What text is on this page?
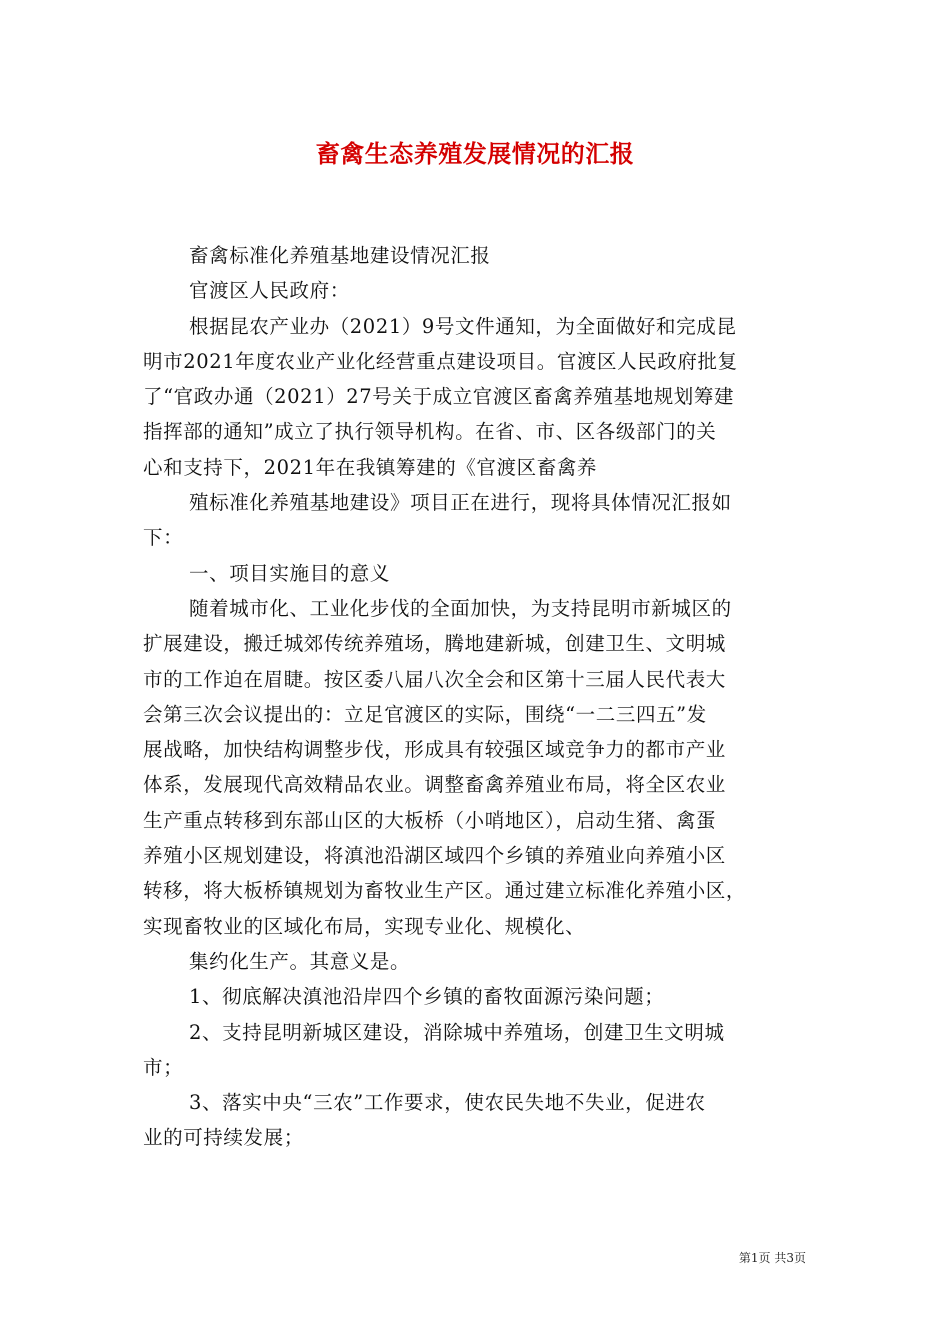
畜禽生态养殖发展情况的汇报
畜禽标准化养殖基地建设情况汇报
官渡区人民政府：
根据昆农产业办（2021）9号文件通知，为全面做好和完成昆
明市2021年度农业产业化经营重点建设项目。官渡区人民政府批复
了“官政办通（2021）27号关于成立官渡区畜禽养殖基地规划筹建
指挥部的通知”成立了执行领导机构。在省、市、区各级部门的关
心和支持下，2021年在我镇筹建的《官渡区畜禽养
殖标准化养殖基地建设》项目正在进行，现将具体情况汇报如
下：
一、项目实施目的意义
随着城市化、工业化步伐的全面加快，为支持昆明市新城区的
扩展建设，搬迁城郊传统养殖场，腾地建新城，创建卫生、文明城
市的工作迫在眉睫。按区委八届八次全会和区第十三届人民代表大
会第三次会议提出的：立足官渡区的实际，围绕“一二三四五”发
展战略，加快结构调整步伐，形成具有较强区域竞争力的都市产业
体系，发展现代高效精品农业。调整畜禽养殖业布局，将全区农业
生产重点转移到东部山区的大板桥（小哨地区），启动生猪、禽蛋
养殖小区规划建设，将滇池沿湖区域四个乡镇的养殖业向养殖小区
转移，将大板桥镇规划为畜牧业生产区。通过建立标准化养殖小区，
实现畜牧业的区域化布局，实现专业化、规模化、
集约化生产。其意义是。
1、彻底解决滇池沿岸四个乡镇的畜牧面源污染问题；
2、支持昆明新城区建设，消除城中养殖场，创建卫生文明城
市；
3、落实中央“三农”工作要求，使农民失地不失业，促进农
业的可持续发展；
第1页 共3页
